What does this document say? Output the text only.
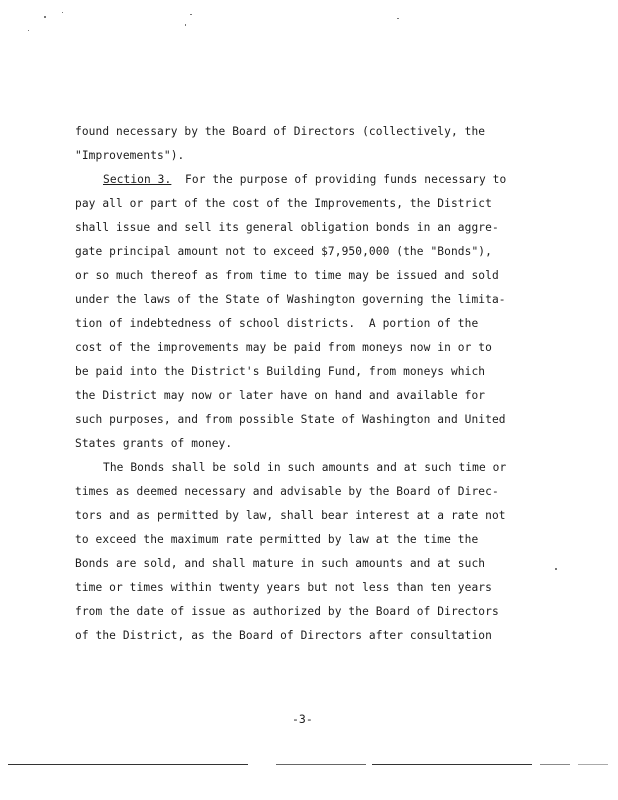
found necessary by the Board of Directors (collectively, the
"Improvements").
Section 3.  For the purpose of providing funds necessary to
pay all or part of the cost of the Improvements, the District
shall issue and sell its general obligation bonds in an aggre-
gate principal amount not to exceed $7,950,000 (the "Bonds"),
or so much thereof as from time to time may be issued and sold
under the laws of the State of Washington governing the limita-
tion of indebtedness of school districts.  A portion of the
cost of the improvements may be paid from moneys now in or to
be paid into the District's Building Fund, from moneys which
the District may now or later have on hand and available for
such purposes, and from possible State of Washington and United
States grants of money.
The Bonds shall be sold in such amounts and at such time or
times as deemed necessary and advisable by the Board of Direc-
tors and as permitted by law, shall bear interest at a rate not
to exceed the maximum rate permitted by law at the time the
Bonds are sold, and shall mature in such amounts and at such
time or times within twenty years but not less than ten years
from the date of issue as authorized by the Board of Directors
of the District, as the Board of Directors after consultation
-3-
